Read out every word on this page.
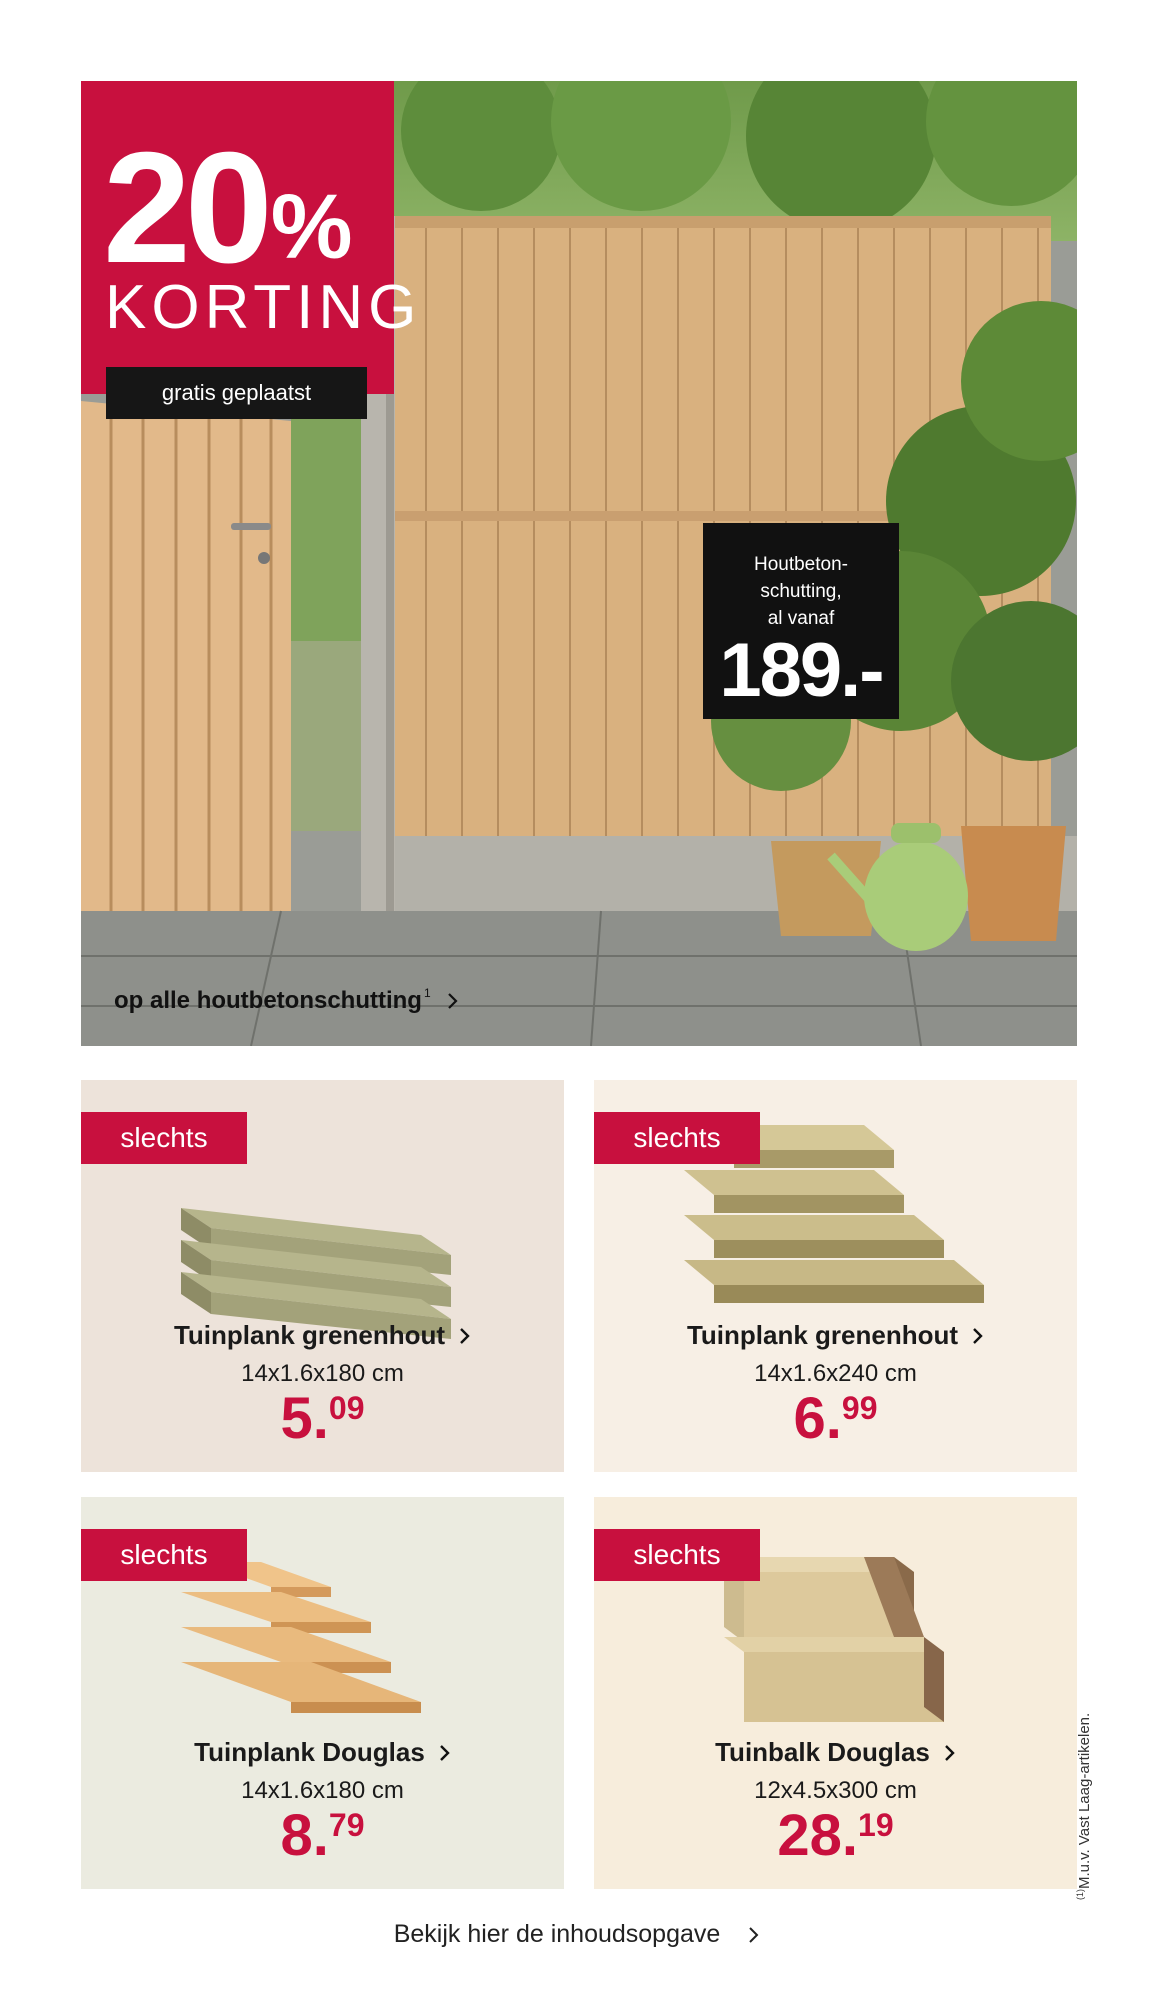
20%
KORTING
gratis geplaatst
Houtbeton-
schutting,
al vanaf
189.-
op alle houtbetonschutting$^1$
slechts
Tuinplank grenenhout
14x1.6x180 cm
5.09
slechts
Tuinplank grenenhout
14x1.6x240 cm
6.99
slechts
Tuinplank Douglas
14x1.6x180 cm
8.79
slechts
Tuinbalk Douglas
12x4.5x300 cm
28.19
$^{(1)}$M.u.v. Vast Laag-artikelen.
Bekijk hier de inhoudsopgave
